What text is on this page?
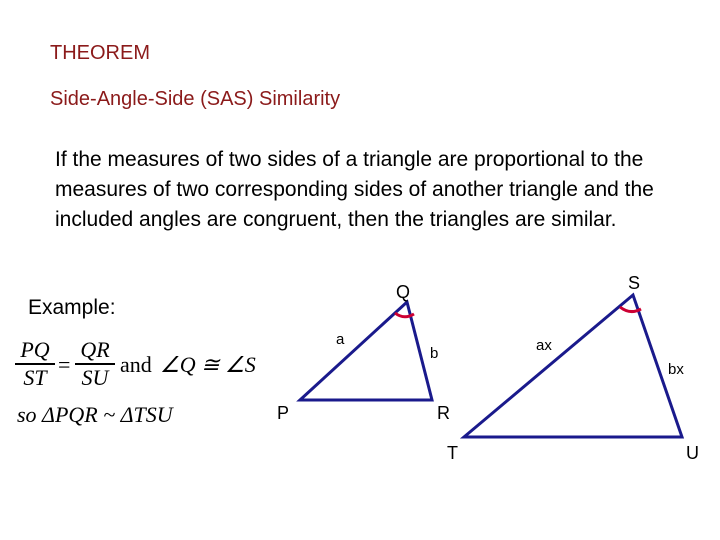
THEOREM
Side-Angle-Side (SAS) Similarity
If the measures of two sides of a triangle are proportional to the measures of two corresponding sides of another triangle and the included angles are congruent, then the triangles are similar.
Example:
PQ
ST =
QR
SU and ∠Q ≅ ∠S
so ΔPQR ~ ΔTSU
Q
P	R
a
b
S
T	U
ax
bx
